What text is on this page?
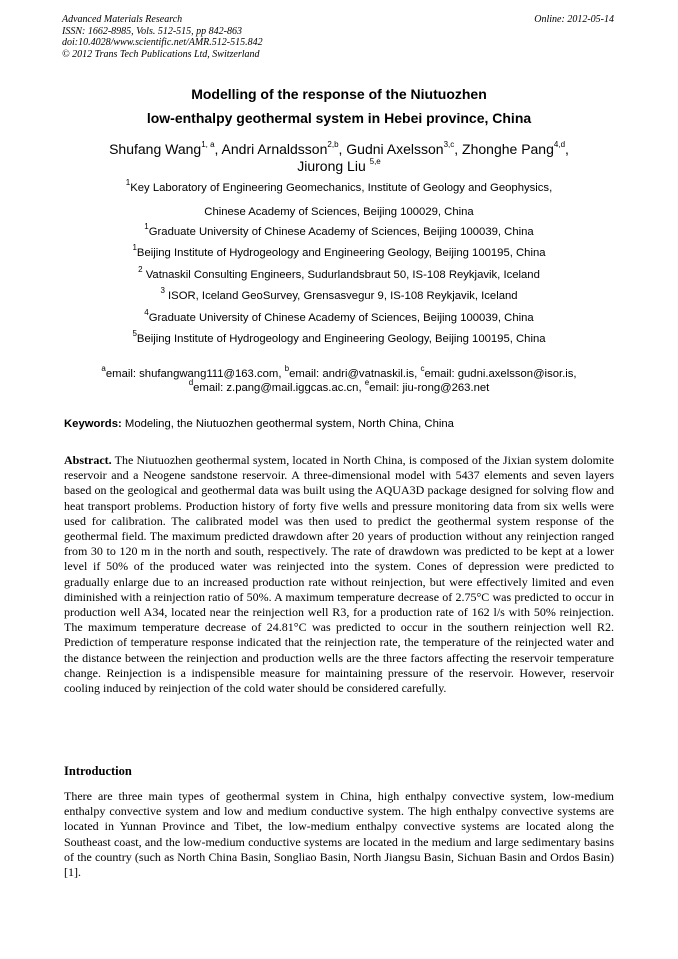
Advanced Materials Research
ISSN: 1662-8985, Vols. 512-515, pp 842-863
doi:10.4028/www.scientific.net/AMR.512-515.842
© 2012 Trans Tech Publications Ltd, Switzerland
Online: 2012-05-14
Modelling of the response of the Niutuozhen
low-enthalpy geothermal system in Hebei province, China
Shufang Wang$^{1, a}$, Andri Arnaldsson$^{2,b}$, Gudni Axelsson$^{3,c}$, Zhonghe Pang$^{4,d}$,
Jiurong Liu $^{5,e}$
$^1$Key Laboratory of Engineering Geomechanics, Institute of Geology and Geophysics,
Chinese Academy of Sciences, Beijing 100029, China
$^1$Graduate University of Chinese Academy of Sciences, Beijing 100039, China
$^1$Beijing Institute of Hydrogeology and Engineering Geology, Beijing 100195, China
$^2$ Vatnaskil Consulting Engineers, Sudurlandsbraut 50, IS-108 Reykjavik, Iceland
$^3$ ISOR, Iceland GeoSurvey, Grensasvegur 9, IS-108 Reykjavik, Iceland
$^4$Graduate University of Chinese Academy of Sciences, Beijing 100039, China
$^5$Beijing Institute of Hydrogeology and Engineering Geology, Beijing 100195, China
$^a$email: shufangwang111@163.com, $^b$email: andri@vatnaskil.is, $^c$email: gudni.axelsson@isor.is,
$^d$email: z.pang@mail.iggcas.ac.cn, $^e$email: jiu-rong@263.net
Keywords: Modeling, the Niutuozhen geothermal system, North China, China
Abstract. The Niutuozhen geothermal system, located in North China, is composed of the Jixian system dolomite reservoir and a Neogene sandstone reservoir. A three-dimensional model with 5437 elements and seven layers based on the geological and geothermal data was built using the AQUA3D package designed for solving flow and heat transport problems. Production history of forty five wells and pressure monitoring data from six wells were used for calibration. The calibrated model was then used to predict the geothermal system response of the geothermal field. The maximum predicted drawdown after 20 years of production without any reinjection ranged from 30 to 120 m in the north and south, respectively. The rate of drawdown was predicted to be kept at a lower level if 50% of the produced water was reinjected into the system. Cones of depression were predicted to gradually enlarge due to an increased production rate without reinjection, but were effectively limited and even diminished with a reinjection ratio of 50%. A maximum temperature decrease of 2.75°C was predicted to occur in production well A34, located near the reinjection well R3, for a production rate of 162 l/s with 50% reinjection. The maximum temperature decrease of 24.81°C was predicted to occur in the southern reinjection well R2. Prediction of temperature response indicated that the reinjection rate, the temperature of the reinjected water and the distance between the reinjection and production wells are the three factors affecting the reservoir temperature change. Reinjection is a indispensible measure for maintaining pressure of the reservoir. However, reservoir cooling induced by reinjection of the cold water should be considered carefully.
Introduction
There are three main types of geothermal system in China, high enthalpy convective system, low-medium enthalpy convective system and low and medium conductive system. The high enthalpy convective systems are located in Yunnan Province and Tibet, the low-medium enthalpy convective systems are located along the Southeast coast, and the low-medium conductive systems are located in the medium and large sedimentary basins of the country (such as North China Basin, Songliao Basin, North Jiangsu Basin, Sichuan Basin and Ordos Basin)[1].
